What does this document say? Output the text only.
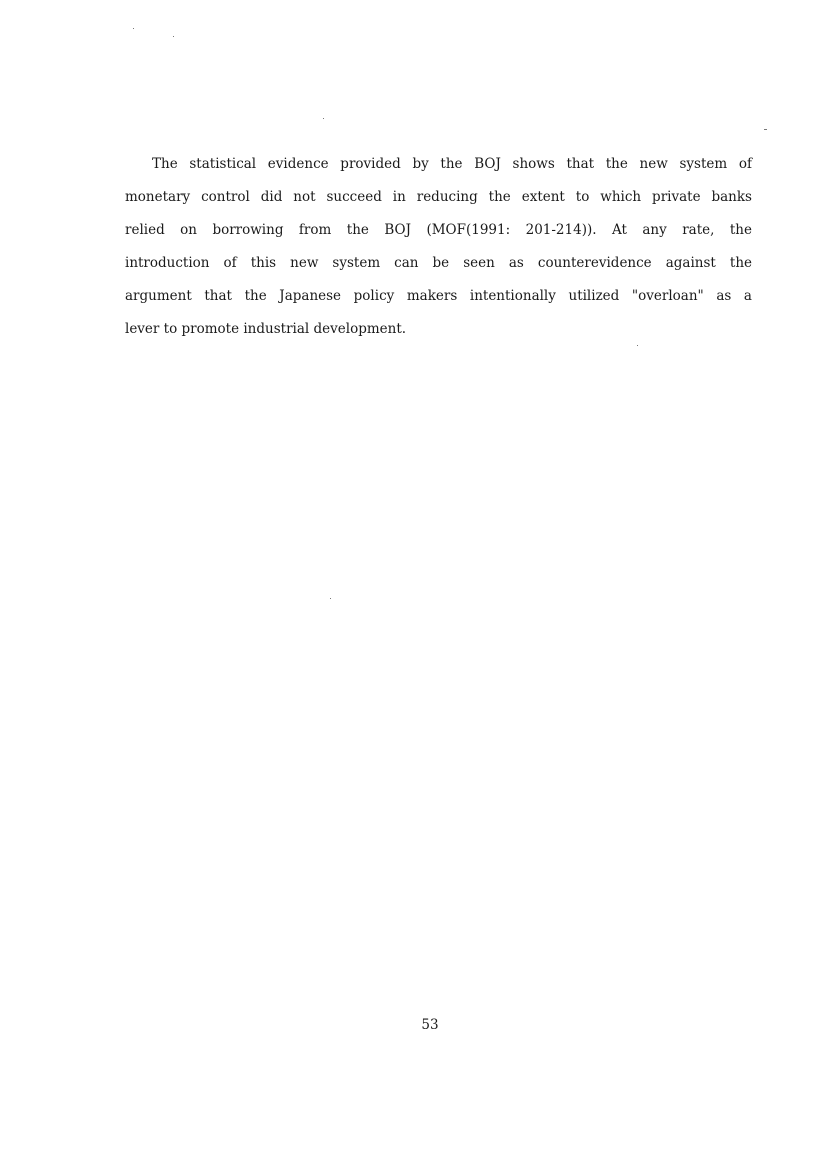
The statistical evidence provided by the BOJ shows that the new system of
monetary control did not succeed in reducing the extent to which private banks
relied on borrowing from the BOJ (MOF(1991: 201-214)). At any rate, the
introduction of this new system can be seen as counterevidence against the
argument that the Japanese policy makers intentionally utilized "overloan" as a
lever to promote industrial development.
53
